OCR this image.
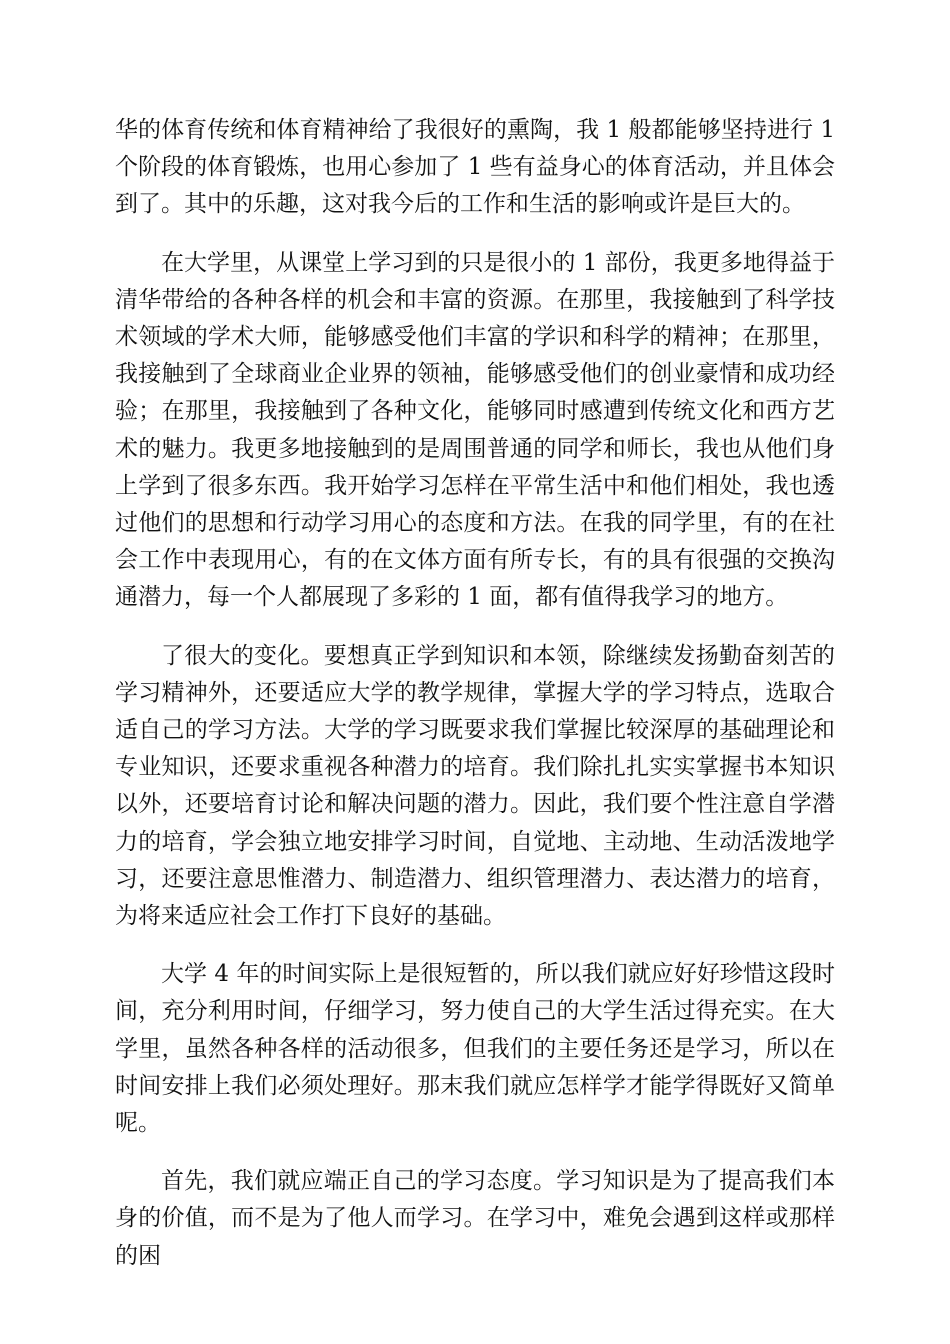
华的体育传统和体育精神给了我很好的熏陶，我 1 般都能够坚持进行 1 个阶段的体育锻炼，也用心参加了 1 些有益身心的体育活动，并且体会到了。其中的乐趣，这对我今后的工作和生活的影响或许是巨大的。

在大学里，从课堂上学习到的只是很小的 1 部份，我更多地得益于清华带给的各种各样的机会和丰富的资源。在那里，我接触到了科学技术领域的学术大师，能够感受他们丰富的学识和科学的精神；在那里，我接触到了全球商业企业界的领袖，能够感受他们的创业豪情和成功经验；在那里，我接触到了各种文化，能够同时感遭到传统文化和西方艺术的魅力。我更多地接触到的是周围普通的同学和师长，我也从他们身上学到了很多东西。我开始学习怎样在平常生活中和他们相处，我也透过他们的思想和行动学习用心的态度和方法。在我的同学里，有的在社会工作中表现用心，有的在文体方面有所专长，有的具有很强的交换沟通潜力，每一个人都展现了多彩的 1 面，都有值得我学习的地方。

了很大的变化。要想真正学到知识和本领，除继续发扬勤奋刻苦的学习精神外，还要适应大学的教学规律，掌握大学的学习特点，选取合适自己的学习方法。大学的学习既要求我们掌握比较深厚的基础理论和专业知识，还要求重视各种潜力的培育。我们除扎扎实实掌握书本知识以外，还要培育讨论和解决问题的潜力。因此，我们要个性注意自学潜力的培育，学会独立地安排学习时间，自觉地、主动地、生动活泼地学习，还要注意思惟潜力、制造潜力、组织管理潜力、表达潜力的培育，为将来适应社会工作打下良好的基础。

大学 4 年的时间实际上是很短暂的，所以我们就应好好珍惜这段时间，充分利用时间，仔细学习，努力使自己的大学生活过得充实。在大学里，虽然各种各样的活动很多，但我们的主要任务还是学习，所以在时间安排上我们必须处理好。那末我们就应怎样学才能学得既好又简单呢。

首先，我们就应端正自己的学习态度。学习知识是为了提高我们本身的价值，而不是为了他人而学习。在学习中，难免会遇到这样或那样的困
